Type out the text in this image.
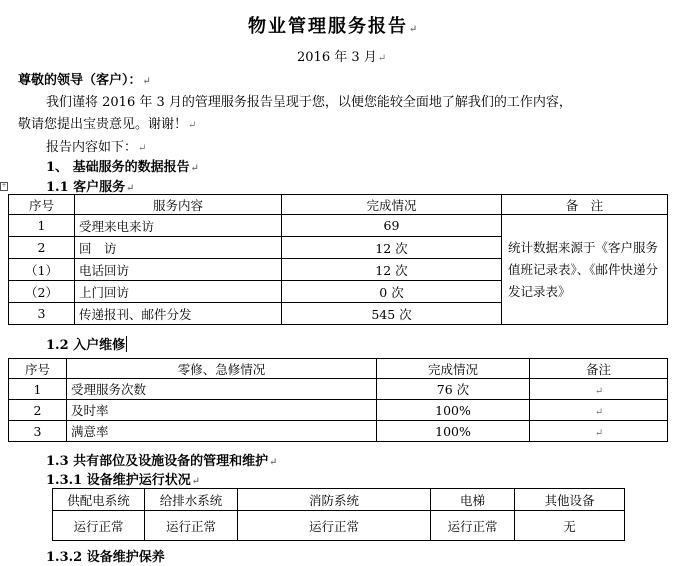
+
物业管理服务报告↵
2016 年 3 月↵
尊敬的领导（客户）：↵
我们谨将 2016 年 3 月的管理服务报告呈现于您，以便您能较全面地了解我们的工作内容，
敬请您提出宝贵意见。谢谢！↵
报告内容如下：↵
1、 基础服务的数据报告↵
1.1 客户服务↵
序号	服务内容	完成情况	备　注
1	受理来电来访	69	统计数据来源于《客户服务值班记录表》、《邮件快递分发记录表》
2	回　访	12 次	
（1）	电话回访	12 次	
（2）	上门回访	0 次	
3	传递报刊、邮件分发	545 次	
1.2 入户维修
序号	零修、急修情况	完成情况	备注
1	受理服务次数	76 次	↵
2	及时率	100%	↵
3	满意率	100%	↵
1.3 共有部位及设施设备的管理和维护↵
1.3.1 设备维护运行状况↵
供配电系统	给排水系统	消防系统	电梯	其他设备
运行正常	运行正常	运行正常	运行正常	无
1.3.2 设备维护保养
